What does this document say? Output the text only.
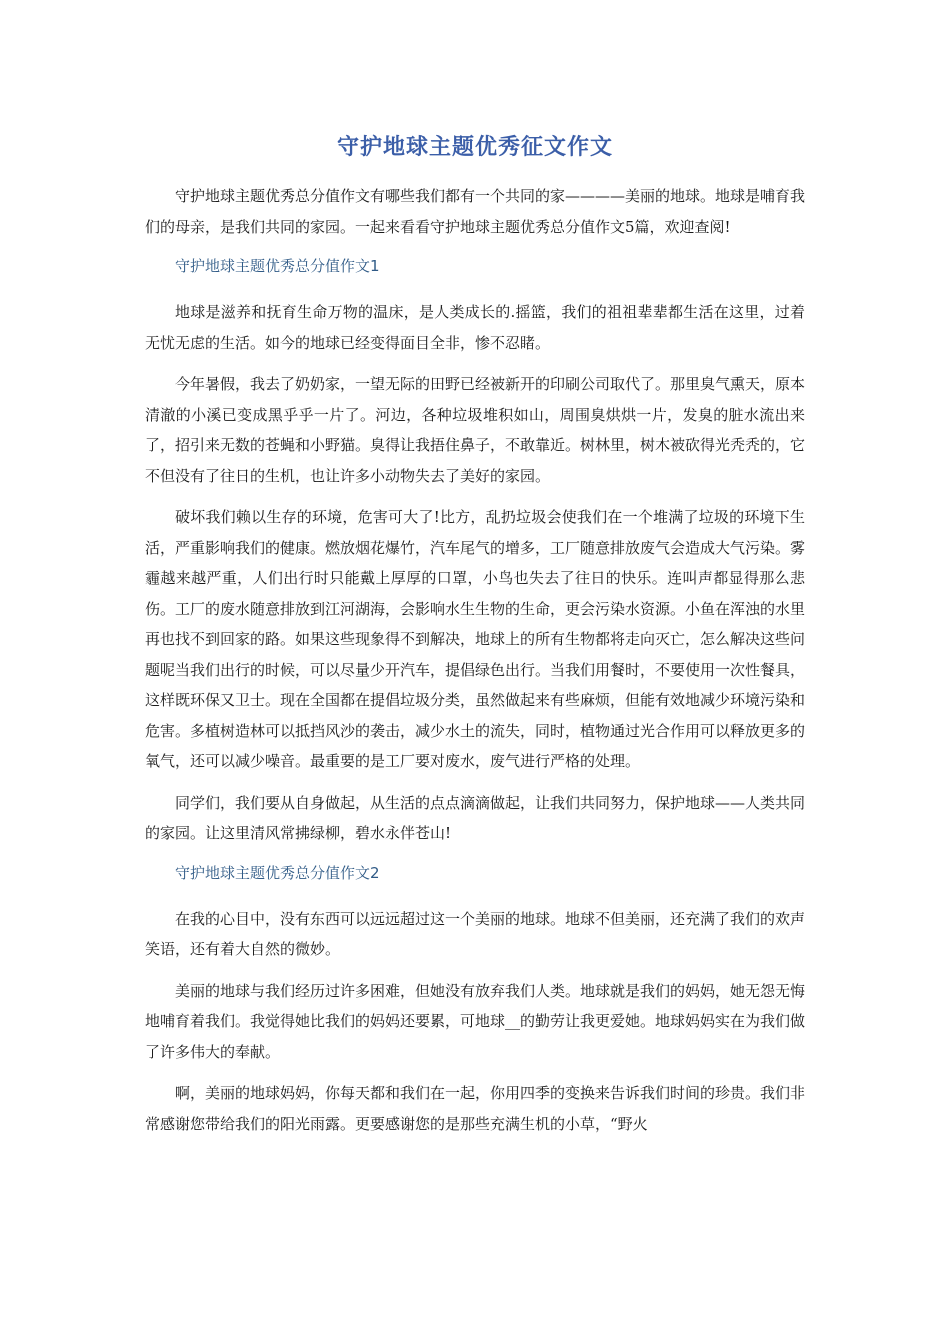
守护地球主题优秀征文作文

守护地球主题优秀总分值作文有哪些我们都有一个共同的家————美丽的地球。地球是哺育我们的母亲，是我们共同的家园。一起来看看守护地球主题优秀总分值作文5篇，欢迎查阅!

守护地球主题优秀总分值作文1

地球是滋养和抚育生命万物的温床，是人类成长的.摇篮，我们的祖祖辈辈都生活在这里，过着无忧无虑的生活。如今的地球已经变得面目全非，惨不忍睹。

今年暑假，我去了奶奶家，一望无际的田野已经被新开的印刷公司取代了。那里臭气熏天，原本清澈的小溪已变成黑乎乎一片了。河边，各种垃圾堆积如山，周围臭烘烘一片，发臭的脏水流出来了，招引来无数的苍蝇和小野猫。臭得让我捂住鼻子，不敢靠近。树林里，树木被砍得光秃秃的，它不但没有了往日的生机，也让许多小动物失去了美好的家园。

破坏我们赖以生存的环境，危害可大了!比方，乱扔垃圾会使我们在一个堆满了垃圾的环境下生活，严重影响我们的健康。燃放烟花爆竹，汽车尾气的增多，工厂随意排放废气会造成大气污染。雾霾越来越严重，人们出行时只能戴上厚厚的口罩，小鸟也失去了往日的快乐。连叫声都显得那么悲伤。工厂的废水随意排放到江河湖海，会影响水生生物的生命，更会污染水资源。小鱼在浑浊的水里再也找不到回家的路。如果这些现象得不到解决，地球上的所有生物都将走向灭亡，怎么解决这些问题呢当我们出行的时候，可以尽量少开汽车，提倡绿色出行。当我们用餐时，不要使用一次性餐具，这样既环保又卫士。现在全国都在提倡垃圾分类，虽然做起来有些麻烦，但能有效地减少环境污染和危害。多植树造林可以抵挡风沙的袭击，减少水土的流失，同时，植物通过光合作用可以释放更多的氧气，还可以减少噪音。最重要的是工厂要对废水，废气进行严格的处理。

同学们，我们要从自身做起，从生活的点点滴滴做起，让我们共同努力，保护地球——人类共同的家园。让这里清风常拂绿柳，碧水永伴苍山!

守护地球主题优秀总分值作文2

在我的心目中，没有东西可以远远超过这一个美丽的地球。地球不但美丽，还充满了我们的欢声笑语，还有着大自然的微妙。

美丽的地球与我们经历过许多困难，但她没有放弃我们人类。地球就是我们的妈妈，她无怨无悔地哺育着我们。我觉得她比我们的妈妈还要累，可地球__的勤劳让我更爱她。地球妈妈实在为我们做了许多伟大的奉献。

啊，美丽的地球妈妈，你每天都和我们在一起，你用四季的变换来告诉我们时间的珍贵。我们非常感谢您带给我们的阳光雨露。更要感谢您的是那些充满生机的小草，“野火
